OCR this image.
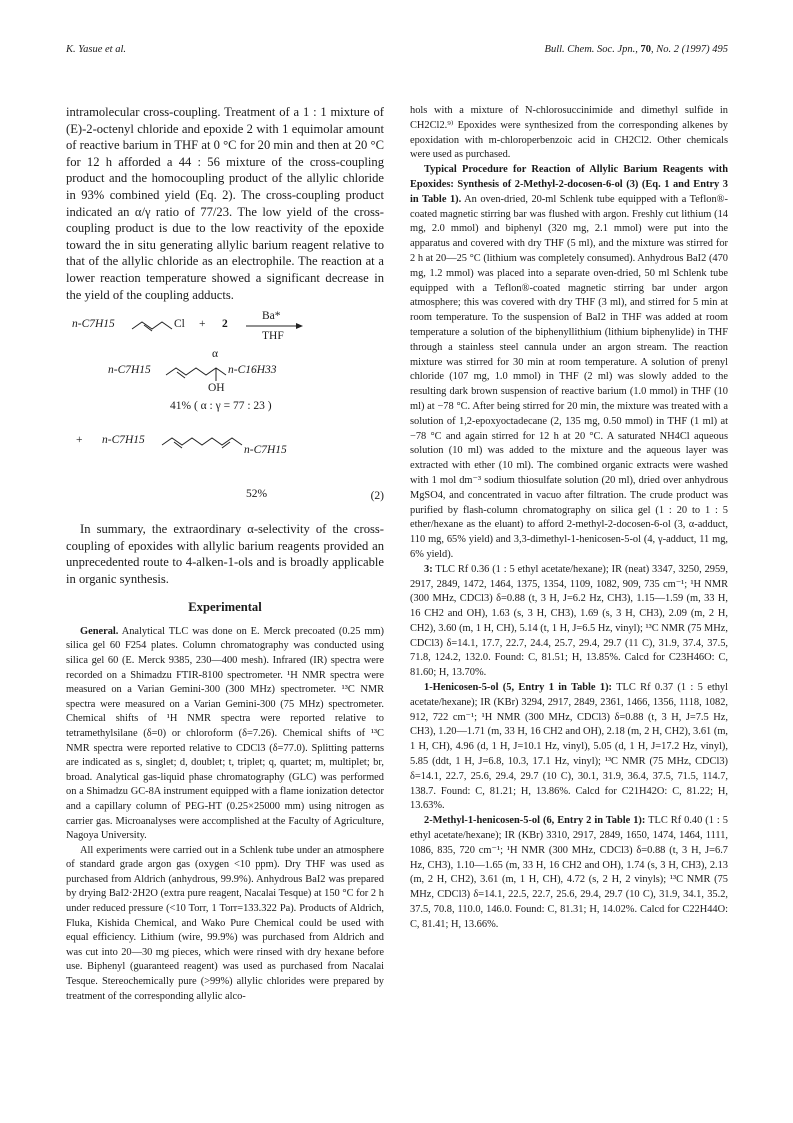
K. Yasue et al.	Bull. Chem. Soc. Jpn., 70, No. 2 (1997) 495

intramolecular cross-coupling. Treatment of a 1 : 1 mixture of (E)-2-octenyl chloride and epoxide 2 with 1 equimolar amount of reactive barium in THF at 0 °C for 20 min and then at 20 °C for 12 h afforded a 44 : 56 mixture of the cross-coupling product and the homocoupling product of the allylic chloride in 93% combined yield (Eq. 2). The cross-coupling product indicated an α/γ ratio of 77/23. The low yield of the cross-coupling product is due to the low reactivity of the epoxide toward the in situ generating allylic barium reagent relative to that of the allylic chloride as an electrophile. The reaction at a lower reaction temperature showed a significant decrease in the yield of the coupling adducts.

n-C7H15	Cl + 2
Ba*
THF
n-C7H15
α
n-C16H33
OH
41% ( α : γ = 77 : 23 )
+ n-C7H15
n-C7H15
52%	(2)

In summary, the extraordinary α-selectivity of the cross-coupling of epoxides with allylic barium reagents provided an unprecedented route to 4-alken-1-ols and is broadly applicable in organic synthesis.

Experimental

General. Analytical TLC was done on E. Merck precoated (0.25 mm) silica gel 60 F254 plates. Column chromatography was conducted using silica gel 60 (E. Merck 9385, 230—400 mesh). Infrared (IR) spectra were recorded on a Shimadzu FTIR-8100 spectrometer. ¹H NMR spectra were measured on a Varian Gemini-300 (300 MHz) spectrometer. ¹³C NMR spectra were measured on a Varian Gemini-300 (75 MHz) spectrometer. Chemical shifts of ¹H NMR spectra were reported relative to tetramethylsilane (δ=0) or chloroform (δ=7.26). Chemical shifts of ¹³C NMR spectra were reported relative to CDCl3 (δ=77.0). Splitting patterns are indicated as s, singlet; d, doublet; t, triplet; q, quartet; m, multiplet; br, broad. Analytical gas-liquid phase chromatography (GLC) was performed on a Shimadzu GC-8A instrument equipped with a flame ionization detector and a capillary column of PEG-HT (0.25×25000 mm) using nitrogen as carrier gas. Microanalyses were accomplished at the Faculty of Agriculture, Nagoya University.

All experiments were carried out in a Schlenk tube under an atmosphere of standard grade argon gas (oxygen <10 ppm). Dry THF was used as purchased from Aldrich (anhydrous, 99.9%). Anhydrous BaI2 was prepared by drying BaI2·2H2O (extra pure reagent, Nacalai Tesque) at 150 °C for 2 h under reduced pressure (<10 Torr, 1 Torr=133.322 Pa). Products of Aldrich, Fluka, Kishida Chemical, and Wako Pure Chemical could be used with equal efficiency. Lithium (wire, 99.9%) was purchased from Aldrich and was cut into 20—30 mg pieces, which were rinsed with dry hexane before use. Biphenyl (guaranteed reagent) was used as purchased from Nacalai Tesque. Stereochemically pure (>99%) allylic chlorides were prepared by treatment of the corresponding allylic alco-

hols with a mixture of N-chlorosuccinimide and dimethyl sulfide in CH2Cl2.⁹⁾ Epoxides were synthesized from the corresponding alkenes by epoxidation with m-chloroperbenzoic acid in CH2Cl2. Other chemicals were used as purchased.

Typical Procedure for Reaction of Allylic Barium Reagents with Epoxides: Synthesis of 2-Methyl-2-docosen-6-ol (3) (Eq. 1 and Entry 3 in Table 1). An oven-dried, 20-ml Schlenk tube equipped with a Teflon®-coated magnetic stirring bar was flushed with argon. Freshly cut lithium (14 mg, 2.0 mmol) and biphenyl (320 mg, 2.1 mmol) were put into the apparatus and covered with dry THF (5 ml), and the mixture was stirred for 2 h at 20—25 °C (lithium was completely consumed). Anhydrous BaI2 (470 mg, 1.2 mmol) was placed into a separate oven-dried, 50 ml Schlenk tube equipped with a Teflon®-coated magnetic stirring bar under argon atmosphere; this was covered with dry THF (3 ml), and stirred for 5 min at room temperature. To the suspension of BaI2 in THF was added at room temperature a solution of the biphenyllithium (lithium biphenylide) in THF through a stainless steel cannula under an argon stream. The reaction mixture was stirred for 30 min at room temperature. A solution of prenyl chloride (107 mg, 1.0 mmol) in THF (2 ml) was slowly added to the resulting dark brown suspension of reactive barium (1.0 mmol) in THF (10 ml) at −78 °C. After being stirred for 20 min, the mixture was treated with a solution of 1,2-epoxyoctadecane (2, 135 mg, 0.50 mmol) in THF (1 ml) at −78 °C and again stirred for 12 h at 20 °C. A saturated NH4Cl aqueous solution (10 ml) was added to the mixture and the aqueous layer was extracted with ether (10 ml). The combined organic extracts were washed with 1 mol dm⁻³ sodium thiosulfate solution (20 ml), dried over anhydrous MgSO4, and concentrated in vacuo after filtration. The crude product was purified by flash-column chromatography on silica gel (1 : 20 to 1 : 5 ether/hexane as the eluant) to afford 2-methyl-2-docosen-6-ol (3, α-adduct, 110 mg, 65% yield) and 3,3-dimethyl-1-henicosen-5-ol (4, γ-adduct, 11 mg, 6% yield).

3: TLC Rf 0.36 (1 : 5 ethyl acetate/hexane); IR (neat) 3347, 3250, 2959, 2917, 2849, 1472, 1464, 1375, 1354, 1109, 1082, 909, 735 cm⁻¹; ¹H NMR (300 MHz, CDCl3) δ=0.88 (t, 3 H, J=6.2 Hz, CH3), 1.15—1.59 (m, 33 H, 16 CH2 and OH), 1.63 (s, 3 H, CH3), 1.69 (s, 3 H, CH3), 2.09 (m, 2 H, CH2), 3.60 (m, 1 H, CH), 5.14 (t, 1 H, J=6.5 Hz, vinyl); ¹³C NMR (75 MHz, CDCl3) δ=14.1, 17.7, 22.7, 24.4, 25.7, 29.4, 29.7 (11 C), 31.9, 37.4, 37.5, 71.8, 124.2, 132.0. Found: C, 81.51; H, 13.85%. Calcd for C23H46O: C, 81.60; H, 13.70%.

1-Henicosen-5-ol (5, Entry 1 in Table 1): TLC Rf 0.37 (1 : 5 ethyl acetate/hexane); IR (KBr) 3294, 2917, 2849, 2361, 1466, 1356, 1118, 1082, 912, 722 cm⁻¹; ¹H NMR (300 MHz, CDCl3) δ=0.88 (t, 3 H, J=7.5 Hz, CH3), 1.20—1.71 (m, 33 H, 16 CH2 and OH), 2.18 (m, 2 H, CH2), 3.61 (m, 1 H, CH), 4.96 (d, 1 H, J=10.1 Hz, vinyl), 5.05 (d, 1 H, J=17.2 Hz, vinyl), 5.85 (ddt, 1 H, J=6.8, 10.3, 17.1 Hz, vinyl); ¹³C NMR (75 MHz, CDCl3) δ=14.1, 22.7, 25.6, 29.4, 29.7 (10 C), 30.1, 31.9, 36.4, 37.5, 71.5, 114.7, 138.7. Found: C, 81.21; H, 13.86%. Calcd for C21H42O: C, 81.22; H, 13.63%.

2-Methyl-1-henicosen-5-ol (6, Entry 2 in Table 1): TLC Rf 0.40 (1 : 5 ethyl acetate/hexane); IR (KBr) 3310, 2917, 2849, 1650, 1474, 1464, 1111, 1086, 835, 720 cm⁻¹; ¹H NMR (300 MHz, CDCl3) δ=0.88 (t, 3 H, J=6.7 Hz, CH3), 1.10—1.65 (m, 33 H, 16 CH2 and OH), 1.74 (s, 3 H, CH3), 2.13 (m, 2 H, CH2), 3.61 (m, 1 H, CH), 4.72 (s, 2 H, 2 vinyls); ¹³C NMR (75 MHz, CDCl3) δ=14.1, 22.5, 22.7, 25.6, 29.4, 29.7 (10 C), 31.9, 34.1, 35.2, 37.5, 70.8, 110.0, 146.0. Found: C, 81.31; H, 14.02%. Calcd for C22H44O: C, 81.41; H, 13.66%.
